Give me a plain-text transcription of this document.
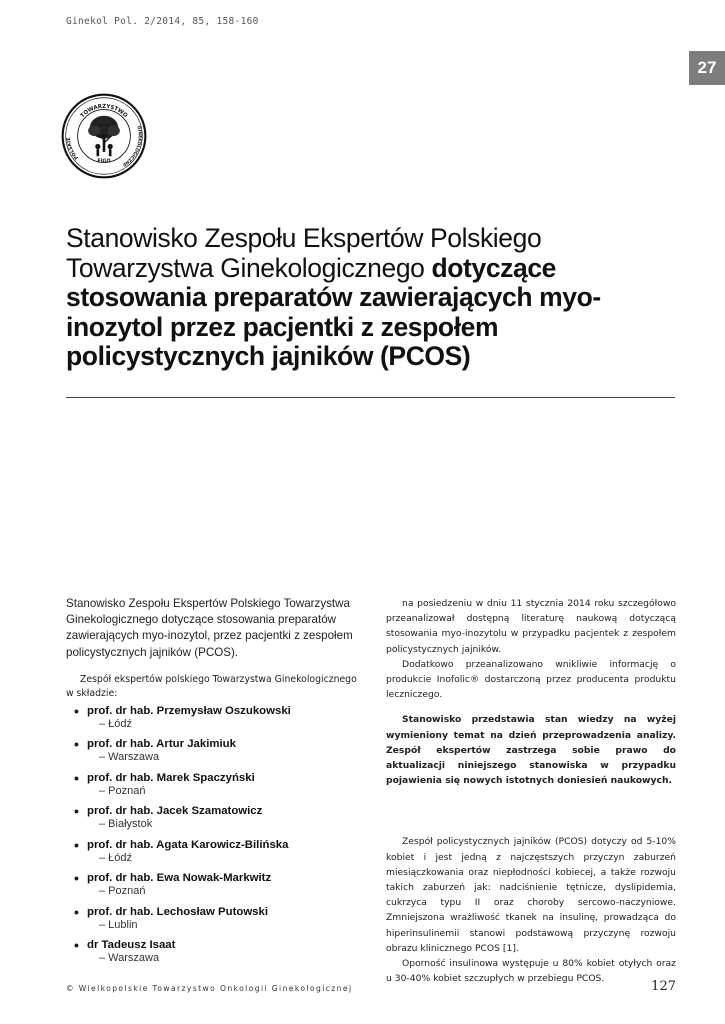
Ginekol Pol. 2/2014, 85, 158-160
27
TOWARZYSTWO
POLSKIE
GINEKOLOGICZNE
FIGO
Stanowisko Zespołu Ekspertów Polskiego Towarzystwa Ginekologicznego dotyczące stosowania preparatów zawierających myo-inozytol przez pacjentki z zespołem policystycznych jajników (PCOS)

Stanowisko Zespołu Ekspertów Polskiego Towarzystwa Ginekologicznego dotyczące stosowania preparatów zawierających myo-inozytol, przez pacjentki z zespołem policystycznych jajników (PCOS).

Zespół ekspertów polskiego Towarzystwa Ginekologicznego w składzie:

• prof. dr hab. Przemysław Oszukowski
– Łódź
• prof. dr hab. Artur Jakimiuk
– Warszawa
• prof. dr hab. Marek Spaczyński
– Poznań
• prof. dr hab. Jacek Szamatowicz
– Białystok
• prof. dr hab. Agata Karowicz-Bilińska
– Łódź
• prof. dr hab. Ewa Nowak-Markwitz
– Poznań
• prof. dr hab. Lechosław Putowski
– Lublin
• dr Tadeusz Isaat
– Warszawa

na posiedzeniu w dniu 11 stycznia 2014 roku szczegółowo przeanalizował dostępną literaturę naukową dotyczącą stosowania myo-inozytolu w przypadku pacjentek z zespołem policystycznych jajników.

Dodatkowo przeanalizowano wnikliwie informację o produkcie Inofolic® dostarczoną przez producenta produktu leczniczego.

Stanowisko przedstawia stan wiedzy na wyżej wymieniony temat na dzień przeprowadzenia analizy. Zespół ekspertów zastrzega sobie prawo do aktualizacji niniejszego stanowiska w przypadku pojawienia się nowych istotnych doniesień naukowych.

Zespół policystycznych jajników (PCOS) dotyczy od 5-10% kobiet i jest jedną z najczęstszych przyczyn zaburzeń miesiączkowania oraz niepłodności kobiecej, a także rozwoju takich zaburzeń jak: nadciśnienie tętnicze, dyslipidemia, cukrzyca typu II oraz choroby sercowo-naczyniowe. Zmniejszona wrażliwość tkanek na insulinę, prowadząca do hiperinsulinemii stanowi podstawową przyczynę rozwoju obrazu klinicznego PCOS [1].

Oporność insulinowa występuje u 80% kobiet otyłych oraz u 30-40% kobiet szczupłych w przebiegu PCOS.

© Wielkopolskie Towarzystwo Onkologii Ginekologicznej	127
